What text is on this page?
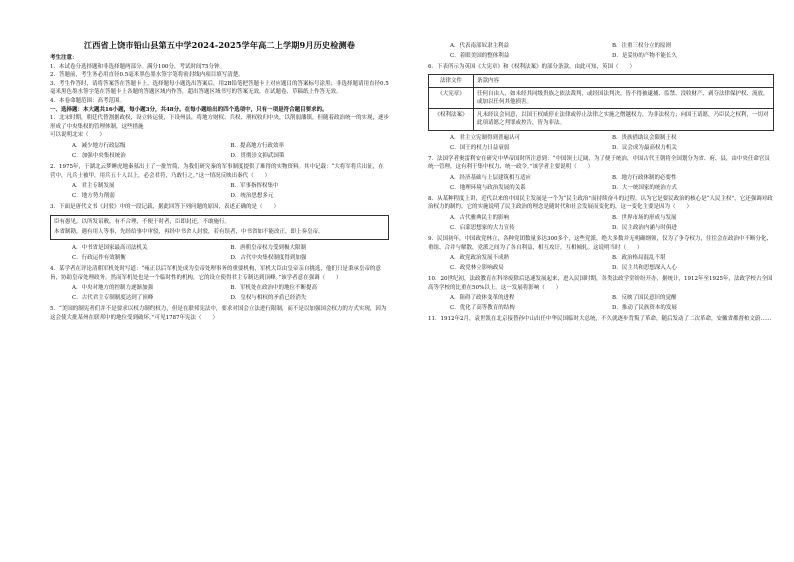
江西省上饶市铅山县第五中学2024-2025学年高二上学期9月历史检测卷

考生注意：

1．本试卷分选择题和非选择题两部分。满分100分，考试时间75分钟。

2．答题前，考生务必用直径0.5毫米黑色墨水签字笔将密封线内项目填写清楚。

3．考生作答时，请将答案答在答题卡上。选择题每小题选出答案后，用2B铅笔把答题卡上对应题目的答案标号涂黑；非选择题请用直径0.5毫米黑色墨水签字笔在答题卡上各题的答题区域内作答，超出答题区域书写的答案无效，在试题卷、草稿纸上作答无效。

4．本卷命题范围：高考范围。

一、选择题：本大题共16小题，每小题3分，共48分。在每小题给出的四个选项中，只有一项是符合题目要求的。

1．北宋时期，朝廷代替割据政权，设立转运使，下设州县，将地方财权、兵权、刑权收归中央，以削弱藩镇。但随着政治统一的实现，逐步形成了中央集权的管理体制。这些措施

可以说明北宋（　　）

A．减少地方行政层级	B．提高地方行政效率
C．加强中央集权统治	D．贯彻崇文抑武国策

2．1975年，于湖北云梦睡虎地秦墓出土了一批竹简，为我们研究秦的军事制度提供了难得的实物资料。其中记载：“大将军将兵出征，在营中，凡兵士被甲，用兵五十人以上，必会君符，乃敢行之。”这一情况反映出秦代（　　）

A．君主专制发展	B．军事指挥权集中
C．地方势力削弱	D．统治思想多元

3．下面是唐代文书《封驳》中的一段记载，据此回答下列问题的原因，表述正确的是（　　）

臣有愚见，以所发诏敕，有不合理，不便于时者，臣即封还，不敢施行。

本省制勘，遇有用人等事，先经给事中审驳，再经中书舍人封驳，若有误者，中书省如不能改正，即上奏皇帝。

A．中书省是国家最高司法机关	B．唐朝皇帝权力受到极大限制
C．行政运作有效制衡	D．古代中央集权制度得到加强

4．某学者在评论清朝军机处时写道：“雍正以后军机处成为皇帝处理事务的重要机构，军机大臣由皇帝亲自挑选，他们只是秉承皇帝的意旨，协助皇帝处理政务。然而军机处也是一个临时性的机构，它的设立使得君主专制达到顶峰。”该学者意在强调（　　）

A．中央对地方的控制力逐渐加强	B．军机处在政治中的地位不断提高
C．古代君主专制制度达到了顶峰	D．皇权与相权的矛盾已经消失

5．“美国的制宪者们并不是要求以权力制约权力，但是在联邦宪法中，要求对国会立法进行限制，而不是以加强国会权力的方式实现，因为这会使大批某州在联邦中的地位受到破坏。”可见1787年宪法（　　）

A．代表南部奴隶主利益	B．注重三权分立的原则
C．着眼美国的整体利益	D．是妥协的产物不能长久

6．下表所示为英国《大宪章》和《权利法案》的部分条款。由此可知，英国（　　）

法律文件	条款内容
《大宪章》	任何自由人，如未经其同级贵族之依法裁判，或经国法判决，皆不得被逮捕、监禁、没收财产、剥夺法律保护权、流放，或加以任何其他损害。
《权利法案》	凡未经议会同意，以国王权威停止法律或停止法律之实施之僭越权力，为非法权力；向国王请愿，乃臣民之权利，一切对此项请愿之判罪或控告，皆为非法。
A．君主立宪制得到普遍认可	B．贵族借助议会限制王权
C．国王的权力日益衰弱	D．议会成为最高权力机关

7．法国学者奥雷利安在研究中华帝国时所注意到：“中国领土辽阔，为了便于统治，中国古代王朝将全国划分为省、府、县，由中央任命官员统一管理，这有利于集中权力、统一政令。”该学者主要说明（　　）

A．经济基础与上层建筑相互适应	B．地方行政体制的必要性
C．地理环境与政治发展的关系	D．大一统国家的统治方式

8．从某种程度上讲，近代以来的中国民主发展是一个为“民主政治”而持续奋斗的过程，认为它是要民政治的核心是“人民主权”，它还强调对政治权力的制约。它的实施说明了民主政治的理念是随时代和社会发展而变化的，这一变化主要是因为（　　）

A．古代雅典民主的影响	B．世界市场的形成与发展
C．启蒙思想家的大力宣传	D．民主政治内涵与时俱进

9．民国初年，中国政党林立，各种党团数量多达300多个，这些党派，绝大多数并无明确纲领，仅为了争夺权力，往往会在政治中不断分化、重组、合并与解散，党派之间为了各自利益，相互攻讦，互相倾轧。这说明当时（　　）

A．政党政治发展不成熟	B．政治格局混乱不堪
C．政党林立影响政局	D．民主共和思想深入人心

10．20世纪初，法政教育在科举废除后迅速发展起来，进入民国时期，各类法政学堂纷纷开办，据统计，1912年至1925年，法政学校占全国高等学校的比重在50%以上。这一发展将影响（　　）

A．阻碍了政体变革的进程	B．反映了国民意识的觉醒
C．优化了高等教育的结构	D．推动了民族资本的发展

11．1912年2月，袁世凯在北京接替孙中山出任中华民国临时大总统，不久就逐步背叛了革命，随后发动了二次革命，安徽省都督柏文蔚……
